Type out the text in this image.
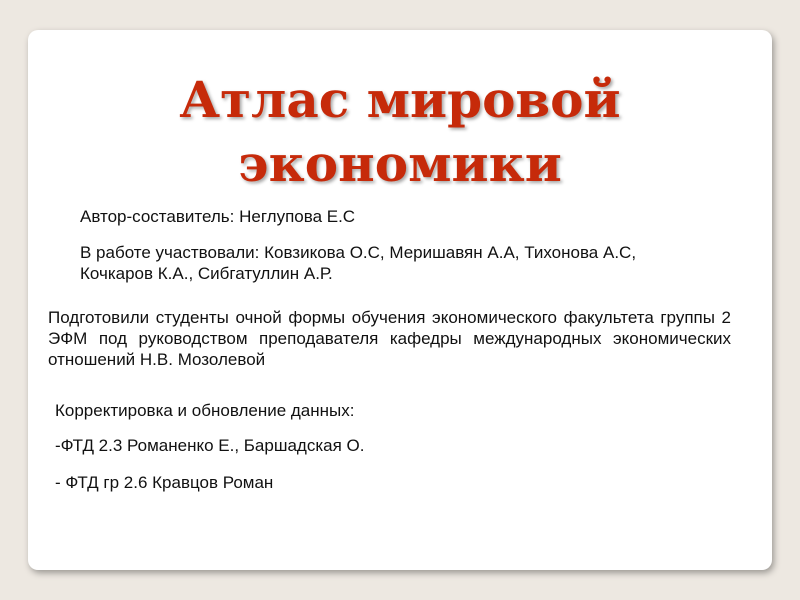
Атлас мировой
экономики
Автор-составитель: Неглупова Е.С
В работе участвовали: Ковзикова О.С, Меришавян А.А, Тихонова А.С, Кочкаров К.А., Сибгатуллин А.Р.
Подготовили студенты очной формы обучения экономического факультета группы 2 ЭФМ под руководством преподавателя кафедры международных экономических отношений Н.В. Мозолевой
Корректировка и обновление данных:
-ФТД 2.3 Романенко Е., Баршадская О.
- ФТД гр 2.6 Кравцов Роман
